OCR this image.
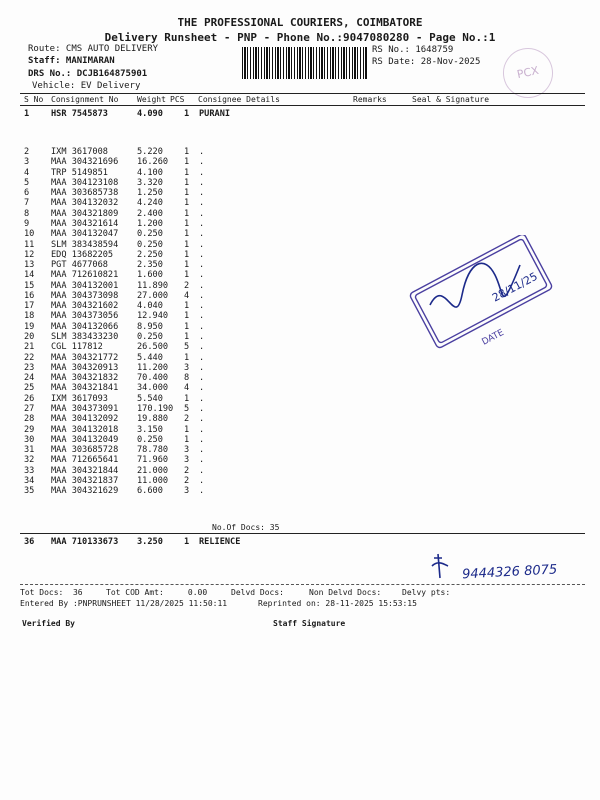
THE PROFESSIONAL COURIERS, COIMBATORE
Delivery Runsheet - PNP - Phone No.:9047080280 - Page No.:1
Route: CMS AUTO DELIVERY
Staff: MANIMARAN
DRS No.: DCJB164875901
Vehicle: EV Delivery
RS No.: 1648759
RS Date: 28-Nov-2025
PCX
S No Consignment No Weight PCS Consignee Details	Remarks	Seal & Signature
1	HSR 7545873	4.090 1 PURANI
2	IXM 3617008	5.220 1 .
3	MAA 304321696 16.260 1 .
4	TRP 5149851	4.100 1 .
5	MAA 304123108 3.320 1 .
6	MAA 303685738 1.250 1 .
7	MAA 304132032 4.240 1 .
8	MAA 304321809 2.400 1 .
9	MAA 304321614 1.200 1 .
10 MAA 304132047 0.250 1 .
11 SLM 383438594 0.250 1 .
12 EDQ 13682205	2.250 1 .
13 PGT 4677068	2.350 1 .
14 MAA 712610821 1.600 1 .
15 MAA 304132001 11.890 2 .
16 MAA 304373098 27.000 4 .
17 MAA 304321602 4.040 1 .
18 MAA 304373056 12.940 1 .
19 MAA 304132066 8.950 1 .
20 SLM 383433230 0.250 1 .
21 CGL 117812	26.500 5 .
22 MAA 304321772 5.440 1 .
23 MAA 304320913 11.200 3 .
24 MAA 304321832 70.400 8 .
25 MAA 304321841 34.000 4 .
26 IXM 3617093	5.540 1 .
27 MAA 304373091 170.190 5 .
28 MAA 304132092 19.880 2 .
29 MAA 304132018 3.150 1 .
30 MAA 304132049 0.250 1 .
31 MAA 303685728 78.780 3 .
32 MAA 712665641 71.960 3 .
33 MAA 304321844 21.000 2 .
34 MAA 304321837 11.000 2 .
35 MAA 304321629 6.600 3 .
No.Of Docs: 35
36 MAA 710133673 3.250 1 RELIENCE
DATE
28/11/25
9444326 8075
Tot Docs:  36	Tot COD Amt:     0.00	Delvd Docs:	Non Delvd Docs:	Delvy pts:
Entered By :PNPRUNSHEET 11/28/2025 11:50:11	Reprinted on: 28-11-2025 15:53:15
Verified By	Staff Signature
